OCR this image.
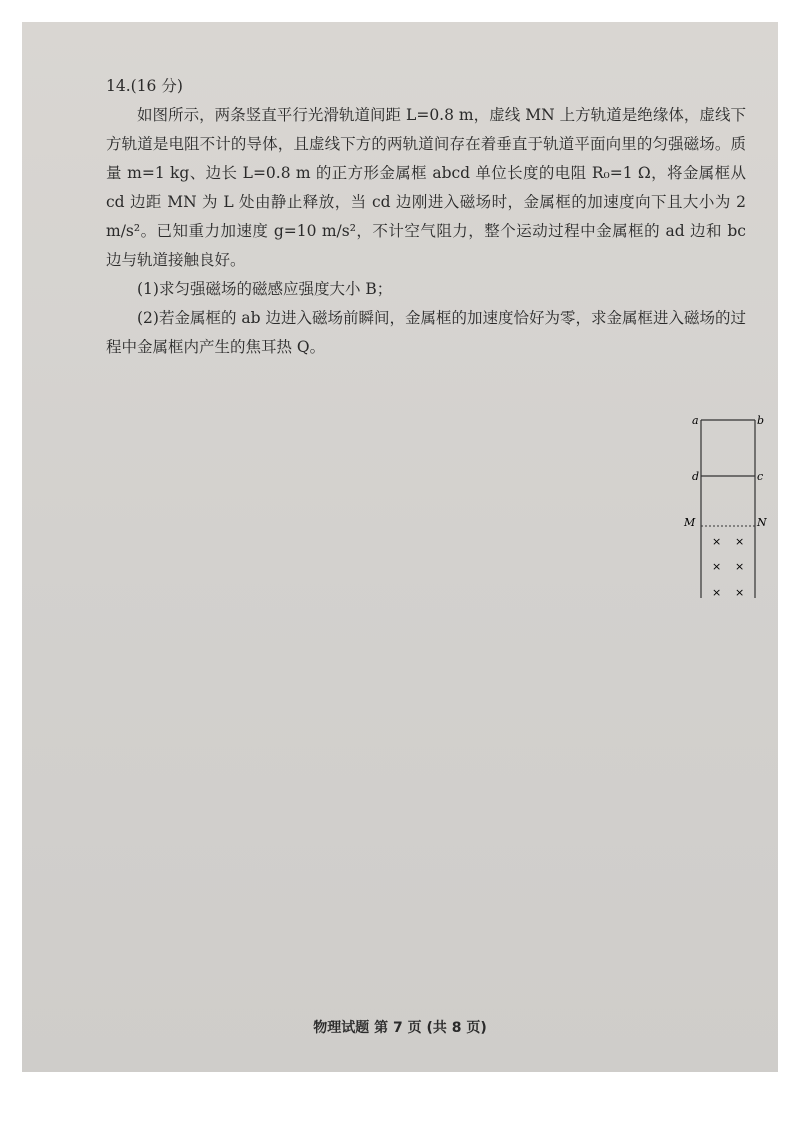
14.(16 分)

如图所示，两条竖直平行光滑轨道间距 L=0.8 m，虚线 MN 上方轨道是绝缘体，虚线下方轨道是电阻不计的导体，且虚线下方的两轨道间存在着垂直于轨道平面向里的匀强磁场。质量 m=1 kg、边长 L=0.8 m 的正方形金属框 abcd 单位长度的电阻 R₀=1 Ω，将金属框从 cd 边距 MN 为 L 处由静止释放，当 cd 边刚进入磁场时，金属框的加速度向下且大小为 2 m/s²。已知重力加速度 g=10 m/s²，不计空气阻力，整个运动过程中金属框的 ad 边和 bc 边与轨道接触良好。

(1)求匀强磁场的磁感应强度大小 B；

(2)若金属框的 ab 边进入磁场前瞬间，金属框的加速度恰好为零，求金属框进入磁场的过程中金属框内产生的焦耳热 Q。

a	b
d	c
M	N
× ×
× ×
× ×
物理试题 第 7 页 (共 8 页)
